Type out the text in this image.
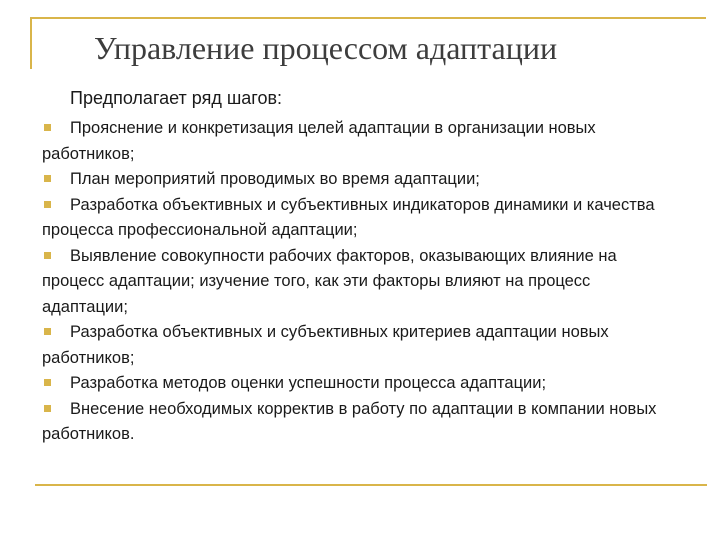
Управление процессом адаптации
Предполагает ряд шагов:
Прояснение и конкретизация целей адаптации в организации новых работников;
План мероприятий проводимых во время адаптации;
Разработка объективных и субъективных индикаторов динамики и качества процесса профессиональной адаптации;
Выявление совокупности рабочих факторов, оказывающих влияние на процесс адаптации; изучение того, как эти факторы влияют на процесс адаптации;
Разработка объективных и субъективных критериев адаптации новых работников;
Разработка методов оценки успешности процесса адаптации;
Внесение необходимых корректив в работу по адаптации в компании новых работников.
